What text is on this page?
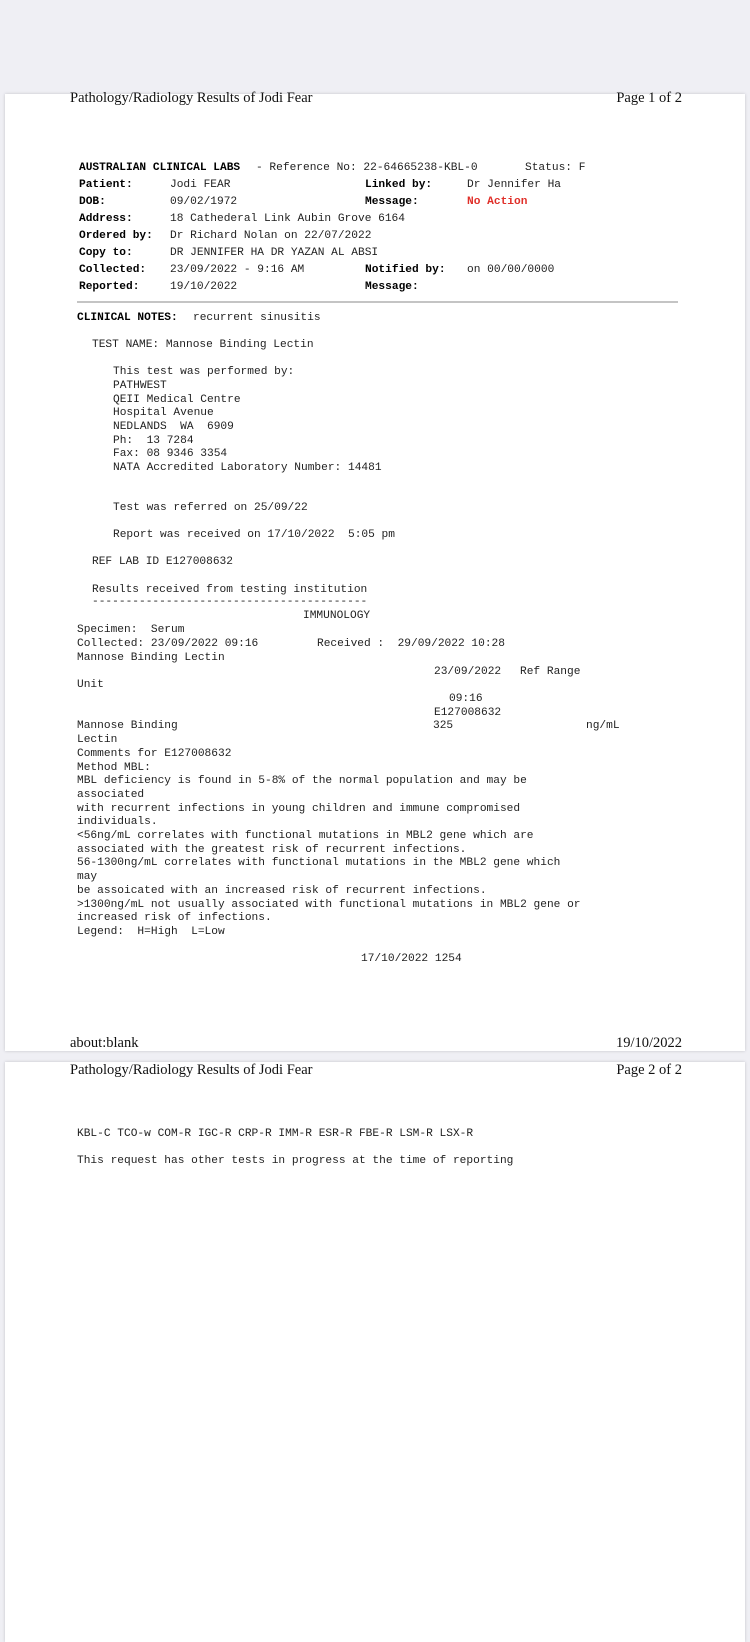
Pathology/Radiology Results of Jodi Fear	Page 1 of 2
AUSTRALIAN CLINICAL LABS - Reference No: 22-64665238-KBL-0	Status: F
Patient:	Jodi FEAR	Linked by:	Dr Jennifer Ha
DOB:	09/02/1972	Message:	No Action
Address:	18 Cathederal Link Aubin Grove 6164
Ordered by: Dr Richard Nolan on 22/07/2022
Copy to:	DR JENNIFER HA DR YAZAN AL ABSI
Collected: 23/09/2022 - 9:16 AM	Notified by: on 00/00/0000
Reported:	19/10/2022	Message:
CLINICAL NOTES: recurrent sinusitis
TEST NAME: Mannose Binding Lectin
This test was performed by:
PATHWEST
QEII Medical Centre
Hospital Avenue
NEDLANDS  WA  6909
Ph:  13 7284
Fax: 08 9346 3354
NATA Accredited Laboratory Number: 14481
Test was referred on 25/09/22
Report was received on 17/10/2022  5:05 pm
REF LAB ID E127008632
Results received from testing institution
-----------------------------------------
IMMUNOLOGY
Specimen:  Serum
Collected: 23/09/2022 09:16	Received :  29/09/2022 10:28
Mannose Binding Lectin
23/09/2022 Ref Range
Unit
09:16
E127008632
Mannose Binding	325	ng/mL
Lectin
Comments for E127008632
Method MBL:
MBL deficiency is found in 5-8% of the normal population and may be
associated
with recurrent infections in young children and immune compromised
individuals.
<56ng/mL correlates with functional mutations in MBL2 gene which are
associated with the greatest risk of recurrent infections.
56-1300ng/mL correlates with functional mutations in the MBL2 gene which
may
be assoicated with an increased risk of recurrent infections.
>1300ng/mL not usually associated with functional mutations in MBL2 gene or
increased risk of infections.
Legend:  H=High  L=Low
17/10/2022 1254
about:blank	19/10/2022
Pathology/Radiology Results of Jodi Fear	Page 2 of 2
KBL-C TCO-w COM-R IGC-R CRP-R IMM-R ESR-R FBE-R LSM-R LSX-R
This request has other tests in progress at the time of reporting
